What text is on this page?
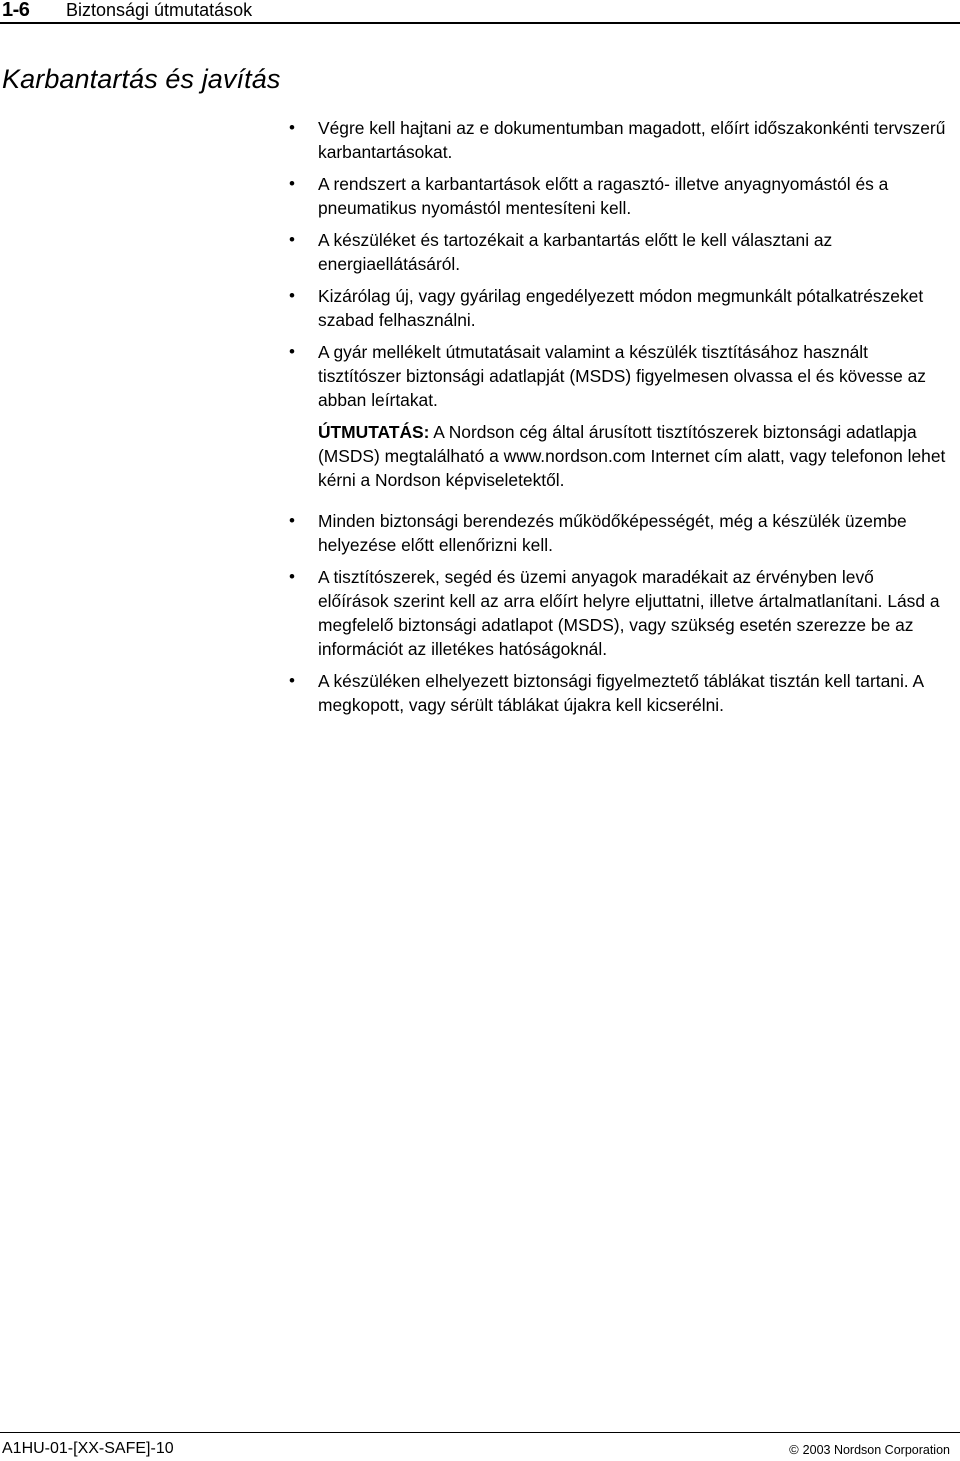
1-6 Biztonsági útmutatások
Karbantartás és javítás
• Végre kell hajtani az e dokumentumban magadott, előírt időszakonkénti tervszerű karbantartásokat.
• A rendszert a karbantartások előtt a ragasztó- illetve anyagnyomástól és a pneumatikus nyomástól mentesíteni kell.
• A készüléket és tartozékait a karbantartás előtt le kell választani az energiaellátásáról.
• Kizárólag új, vagy gyárilag engedélyezett módon megmunkált pótalkatrészeket szabad felhasználni.
• A gyár mellékelt útmutatásait valamint a készülék tisztításához használt tisztítószer biztonsági adatlapját (MSDS) figyelmesen olvassa el és kövesse az abban leírtakat.
ÚTMUTATÁS: A Nordson cég által árusított tisztítószerek biztonsági adatlapja (MSDS) megtalálható a www.nordson.com Internet cím alatt, vagy telefonon lehet kérni a Nordson képviseletektől.
• Minden biztonsági berendezés működőképességét, még a készülék üzembe helyezése előtt ellenőrizni kell.
• A tisztítószerek, segéd és üzemi anyagok maradékait az érvényben levő előírások szerint kell az arra előírt helyre eljuttatni, illetve ártalmatlanítani. Lásd a megfelelő biztonsági adatlapot (MSDS), vagy szükség esetén szerezze be az információt az illetékes hatóságoknál.
• A készüléken elhelyezett biztonsági figyelmeztető táblákat tisztán kell tartani. A megkopott, vagy sérült táblákat újakra kell kicserélni.
A1HU-01-[XX-SAFE]-10	© 2003 Nordson Corporation
